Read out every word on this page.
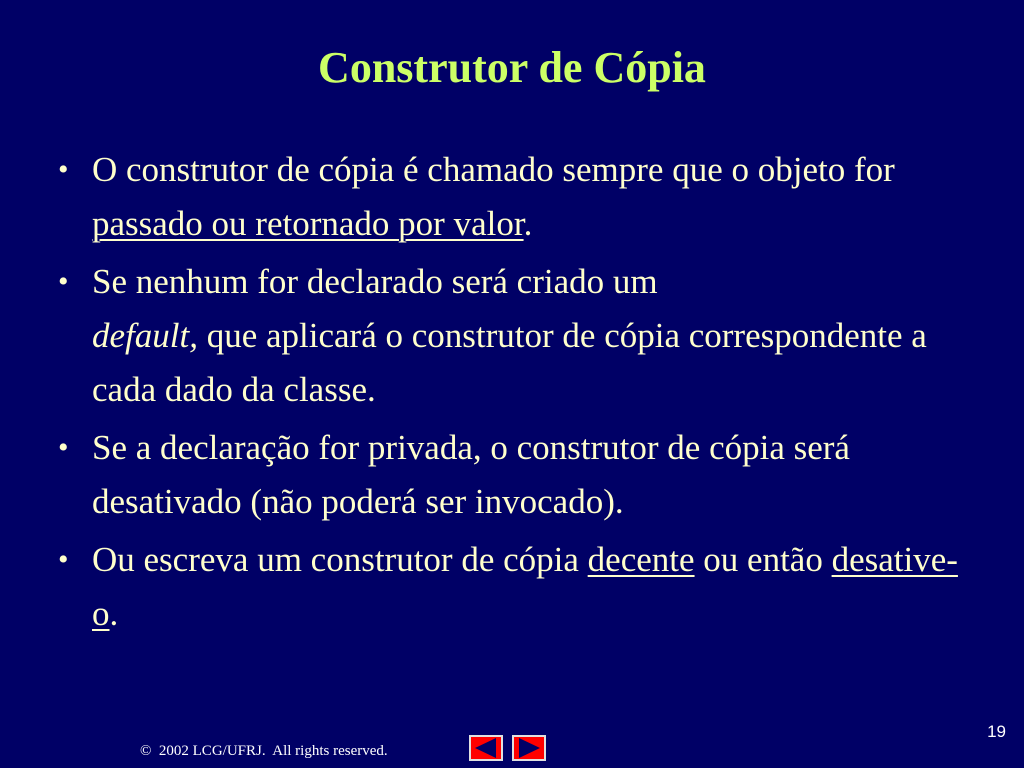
Construtor de Cópia
• O construtor de cópia é chamado sempre que o objeto for passado ou retornado por valor.
• Se nenhum for declarado será criado um
default, que aplicará o construtor de cópia correspondente a cada dado da classe.
• Se a declaração for privada, o construtor de cópia será desativado (não poderá ser invocado).
• Ou escreva um construtor de cópia decente ou então desative-o.
19
©  2002 LCG/UFRJ.  All rights reserved.
